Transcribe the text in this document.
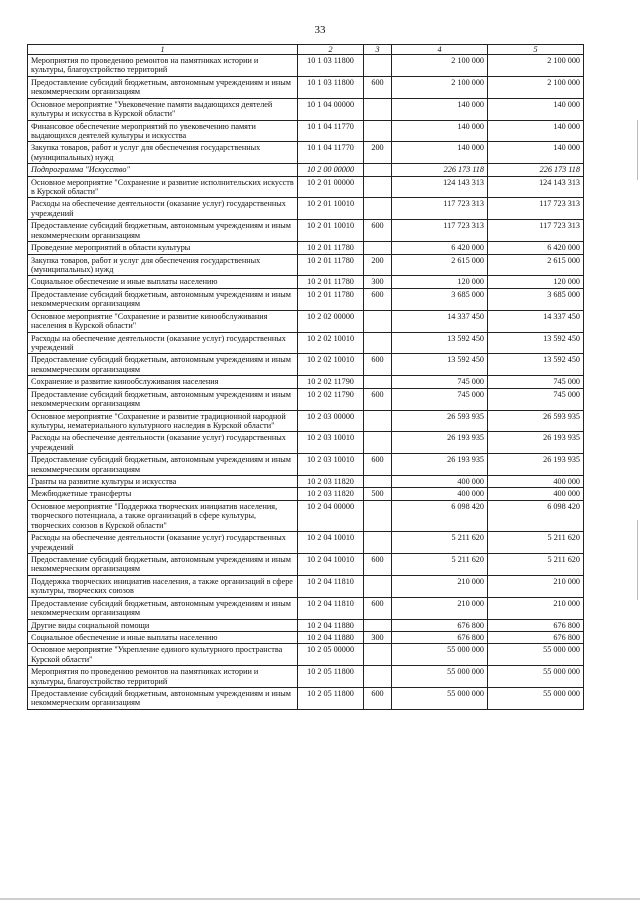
33
1	2	3	4	5
Мероприятия по проведению ремонтов на памятниках истории и культуры, благоустройство территорий	10 1 03 11800		2 100 000	2 100 000
Предоставление субсидий бюджетным, автономным учреждениям и иным некоммерческим организациям	10 1 03 11800	600	2 100 000	2 100 000
Основное мероприятие "Увековечение памяти выдающихся деятелей культуры и искусства в Курской области"	10 1 04 00000		140 000	140 000
Финансовое обеспечение мероприятий по увековечению памяти выдающихся деятелей культуры и искусства	10 1 04 11770		140 000	140 000
Закупка товаров, работ и услуг для обеспечения государственных (муниципальных) нужд	10 1 04 11770	200	140 000	140 000
Подпрограмма "Искусство"	10 2 00 00000		226 173 118	226 173 118
Основное мероприятие "Сохранение и развитие исполнительских искусств в Курской области"	10 2 01 00000		124 143 313	124 143 313
Расходы на обеспечение деятельности (оказание услуг) государственных учреждений	10 2 01 10010		117 723 313	117 723 313
Предоставление субсидий бюджетным, автономным учреждениям и иным некоммерческим организациям	10 2 01 10010	600	117 723 313	117 723 313
Проведение мероприятий в области культуры	10 2 01 11780		6 420 000	6 420 000
Закупка товаров, работ и услуг для обеспечения государственных (муниципальных) нужд	10 2 01 11780	200	2 615 000	2 615 000
Социальное обеспечение и иные выплаты населению	10 2 01 11780	300	120 000	120 000
Предоставление субсидий бюджетным, автономным учреждениям и иным некоммерческим организациям	10 2 01 11780	600	3 685 000	3 685 000
Основное мероприятие "Сохранение и развитие кинообслуживания населения в Курской области"	10 2 02 00000		14 337 450	14 337 450
Расходы на обеспечение деятельности (оказание услуг) государственных учреждений	10 2 02 10010		13 592 450	13 592 450
Предоставление субсидий бюджетным, автономным учреждениям и иным некоммерческим организациям	10 2 02 10010	600	13 592 450	13 592 450
Сохранение и развитие кинообслуживания населения	10 2 02 11790		745 000	745 000
Предоставление субсидий бюджетным, автономным учреждениям и иным некоммерческим организациям	10 2 02 11790	600	745 000	745 000
Основное мероприятие "Сохранение и развитие традиционной народной культуры, нематериального культурного наследия в Курской области"	10 2 03 00000		26 593 935	26 593 935
Расходы на обеспечение деятельности (оказание услуг) государственных учреждений	10 2 03 10010		26 193 935	26 193 935
Предоставление субсидий бюджетным, автономным учреждениям и иным некоммерческим организациям	10 2 03 10010	600	26 193 935	26 193 935
Гранты на развитие культуры и искусства	10 2 03 11820		400 000	400 000
Межбюджетные трансферты	10 2 03 11820	500	400 000	400 000
Основное мероприятие "Поддержка творческих инициатив населения, творческого потенциала, а также организаций в сфере культуры, творческих союзов в Курской области"	10 2 04 00000		6 098 420	6 098 420
Расходы на обеспечение деятельности (оказание услуг) государственных учреждений	10 2 04 10010		5 211 620	5 211 620
Предоставление субсидий бюджетным, автономным учреждениям и иным некоммерческим организациям	10 2 04 10010	600	5 211 620	5 211 620
Поддержка творческих инициатив населения, а также организаций в сфере культуры, творческих союзов	10 2 04 11810		210 000	210 000
Предоставление субсидий бюджетным, автономным учреждениям и иным некоммерческим организациям	10 2 04 11810	600	210 000	210 000
Другие виды социальной помощи	10 2 04 11880		676 800	676 800
Социальное обеспечение и иные выплаты населению	10 2 04 11880	300	676 800	676 800
Основное мероприятие "Укрепление единого культурного пространства Курской области"	10 2 05 00000		55 000 000	55 000 000
Мероприятия по проведению ремонтов на памятниках истории и культуры, благоустройство территорий	10 2 05 11800		55 000 000	55 000 000
Предоставление субсидий бюджетным, автономным учреждениям и иным некоммерческим организациям	10 2 05 11800	600	55 000 000	55 000 000
